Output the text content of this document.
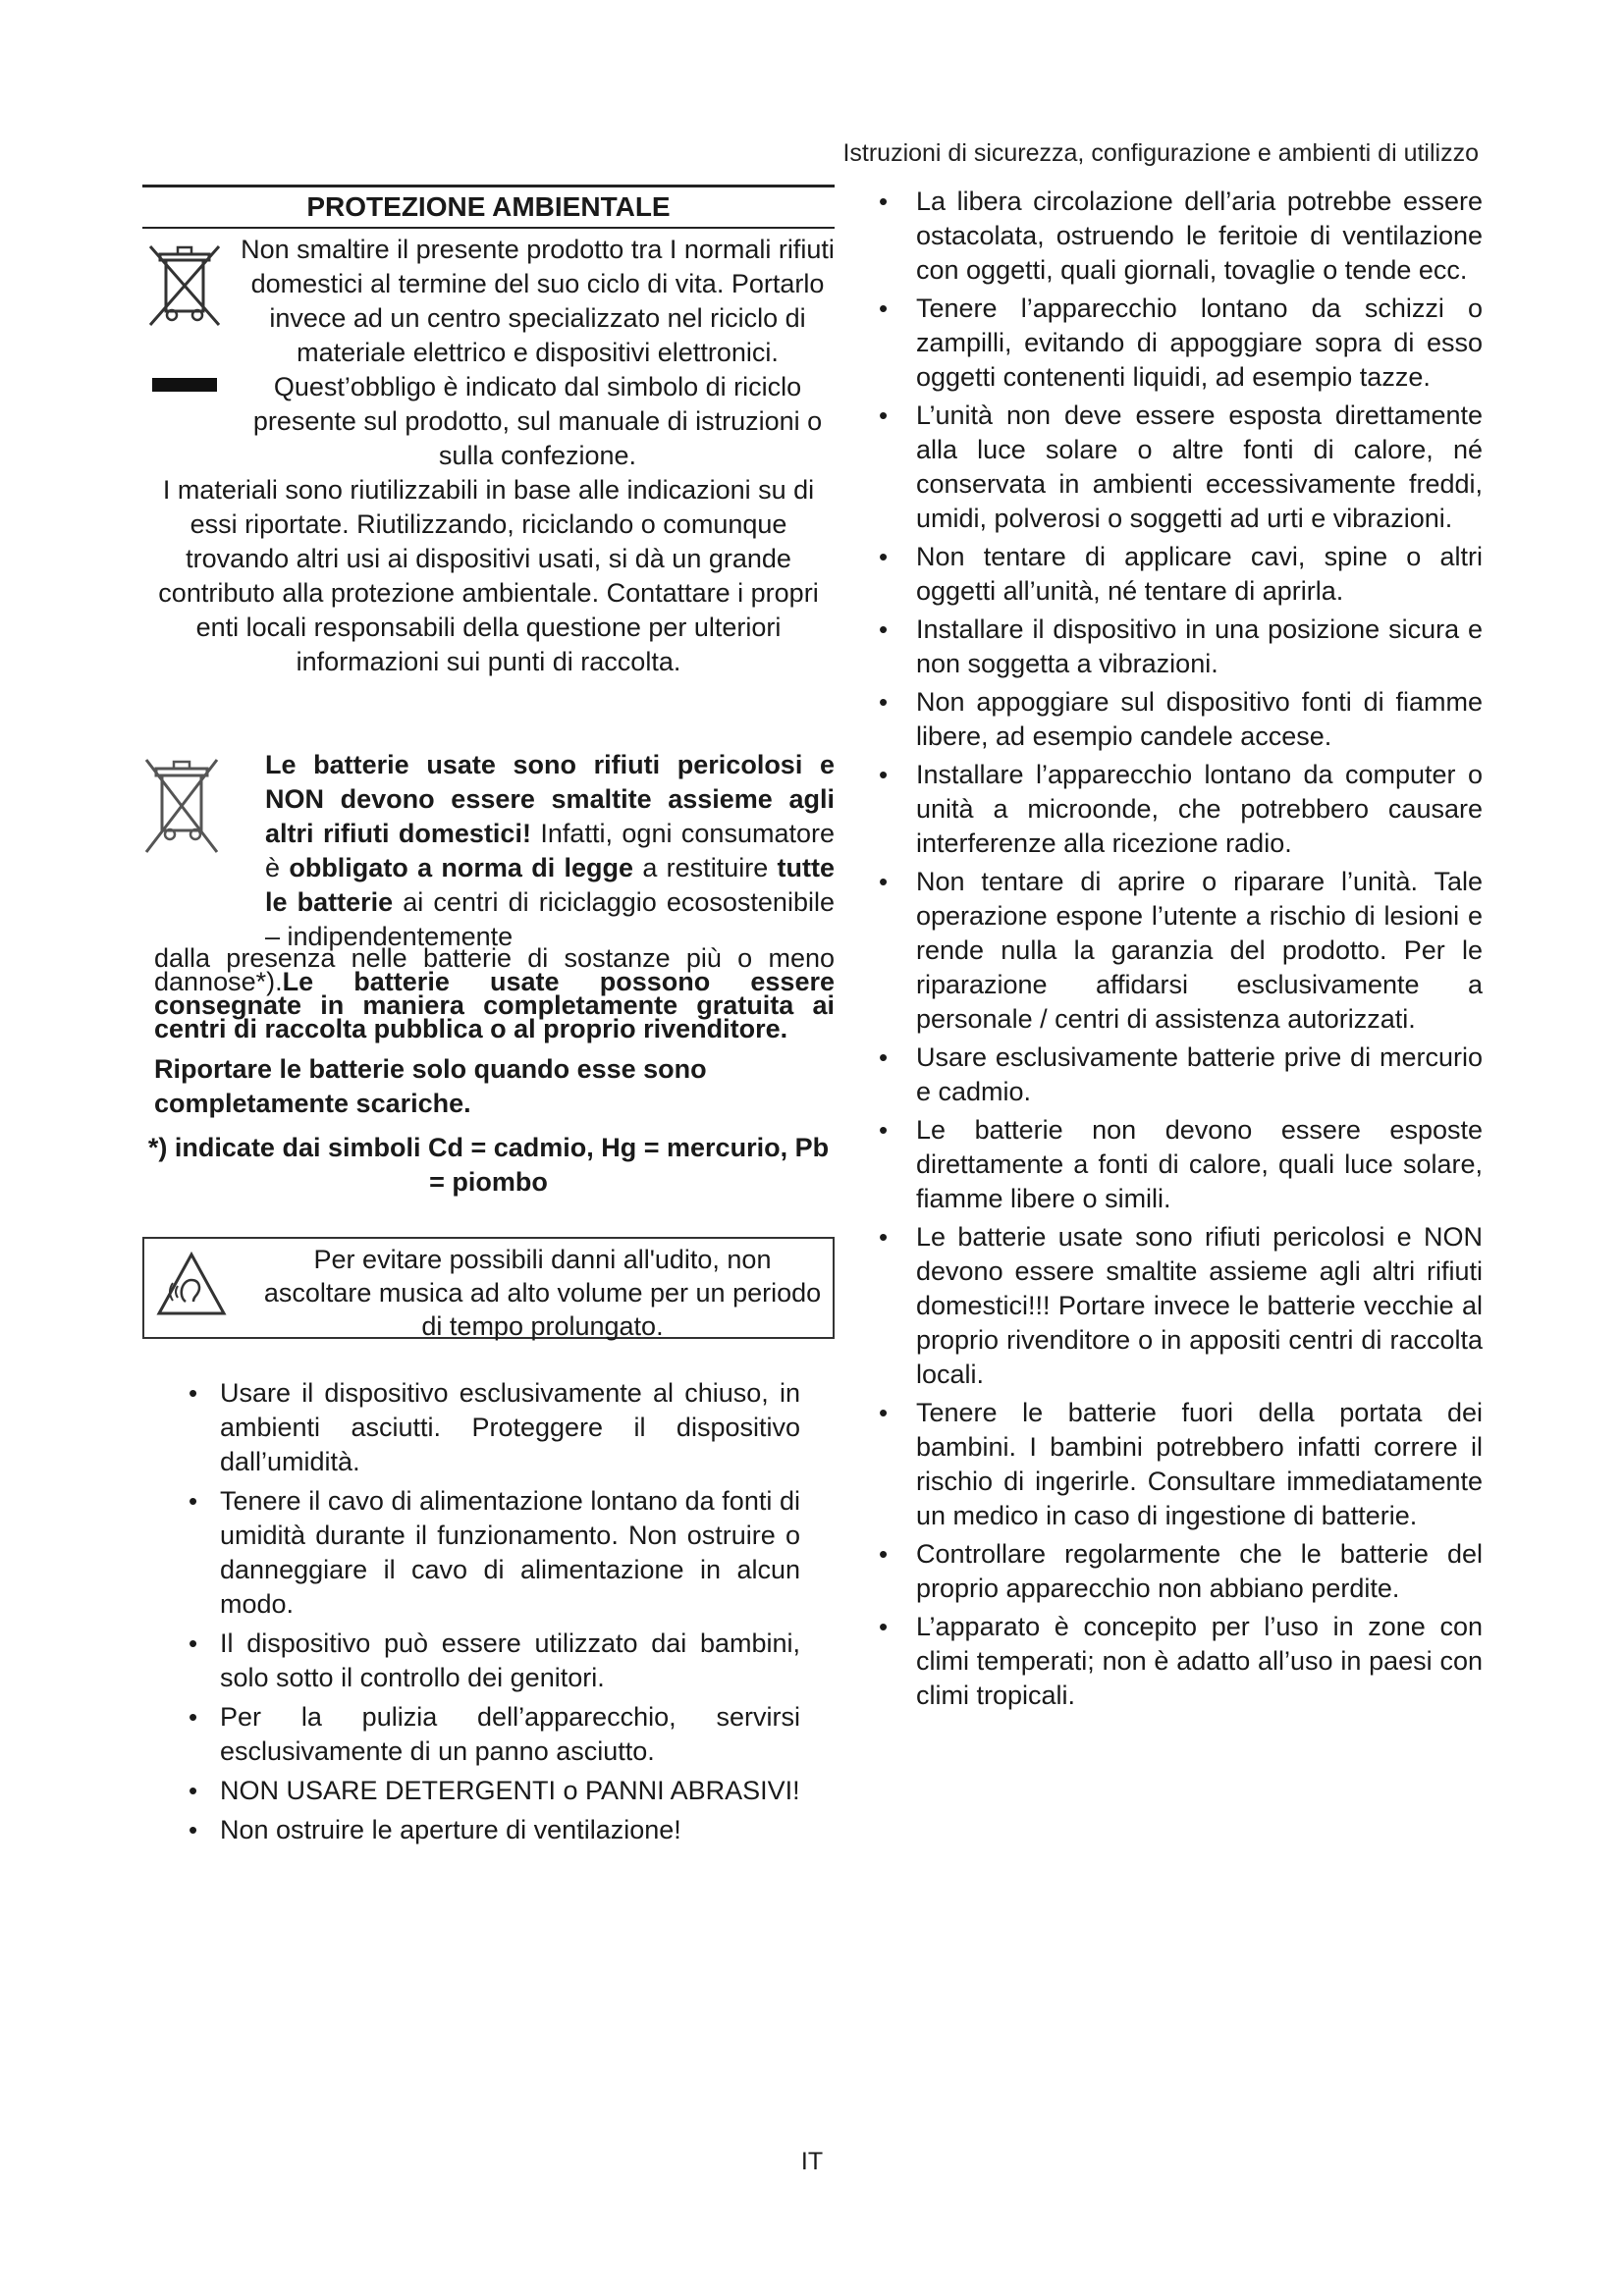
Istruzioni di sicurezza, configurazione e ambienti di utilizzo
PROTEZIONE AMBIENTALE
Non smaltire il presente prodotto tra I normali rifiuti domestici al termine del suo ciclo di vita. Portarlo invece ad un centro specializzato nel riciclo di materiale elettrico e dispositivi elettronici. Quest’obbligo è indicato dal simbolo di riciclo presente sul prodotto, sul manuale di istruzioni o sulla confezione.
I materiali sono riutilizzabili in base alle indicazioni su di essi riportate. Riutilizzando, riciclando o comunque trovando altri usi ai dispositivi usati, si dà un grande contributo alla protezione ambientale. Contattare i propri enti locali responsabili della questione per ulteriori informazioni sui punti di raccolta.
Le batterie usate sono rifiuti pericolosi e NON devono essere smaltite assieme agli altri rifiuti domestici! Infatti, ogni consumatore è obbligato a norma di legge a restituire tutte le batterie ai centri di riciclaggio ecosostenibile – indipendentemente
dalla presenza nelle batterie di sostanze più o meno dannose*).Le batterie usate possono essere consegnate in maniera completamente gratuita ai centri di raccolta pubblica o al proprio rivenditore.
Riportare le batterie solo quando esse sono completamente scariche.
*) indicate dai simboli Cd = cadmio, Hg = mercurio, Pb = piombo
Per evitare possibili danni all'udito, non ascoltare musica ad alto volume per un periodo di tempo prolungato.
• Usare il dispositivo esclusivamente al chiuso, in ambienti asciutti. Proteggere il dispositivo dall’umidità.
• Tenere il cavo di alimentazione lontano da fonti di umidità durante il funzionamento. Non ostruire o danneggiare il cavo di alimentazione in alcun modo.
• Il dispositivo può essere utilizzato dai bambini, solo sotto il controllo dei genitori.
• Per la pulizia dell’apparecchio, servirsi esclusivamente di un panno asciutto.
• NON USARE DETERGENTI o PANNI ABRASIVI!
• Non ostruire le aperture di ventilazione!
• La libera circolazione dell’aria potrebbe essere ostacolata, ostruendo le feritoie di ventilazione con oggetti, quali giornali, tovaglie o tende ecc.
• Tenere l’apparecchio lontano da schizzi o zampilli, evitando di appoggiare sopra di esso oggetti contenenti liquidi, ad esempio tazze.
• L’unità non deve essere esposta direttamente alla luce solare o altre fonti di calore, né conservata in ambienti eccessivamente freddi, umidi, polverosi o soggetti ad urti e vibrazioni.
• Non tentare di applicare cavi, spine o altri oggetti all’unità, né tentare di aprirla.
• Installare il dispositivo in una posizione sicura e non soggetta a vibrazioni.
• Non appoggiare sul dispositivo fonti di fiamme libere, ad esempio candele accese.
• Installare l’apparecchio lontano da computer o unità a microonde, che potrebbero causare interferenze alla ricezione radio.
• Non tentare di aprire o riparare l’unità. Tale operazione espone l’utente a rischio di lesioni e rende nulla la garanzia del prodotto. Per le riparazione affidarsi esclusivamente a personale / centri di assistenza autorizzati.
• Usare esclusivamente batterie prive di mercurio e cadmio.
• Le batterie non devono essere esposte direttamente a fonti di calore, quali luce solare, fiamme libere o simili.
• Le batterie usate sono rifiuti pericolosi e NON devono essere smaltite assieme agli altri rifiuti domestici!!! Portare invece le batterie vecchie al proprio rivenditore o in appositi centri di raccolta locali.
• Tenere le batterie fuori della portata dei bambini. I bambini potrebbero infatti correre il rischio di ingerirle. Consultare immediatamente un medico in caso di ingestione di batterie.
• Controllare regolarmente che le batterie del proprio apparecchio non abbiano perdite.
• L’apparato è concepito per l’uso in zone con climi temperati; non è adatto all’uso in paesi con climi tropicali.
IT
